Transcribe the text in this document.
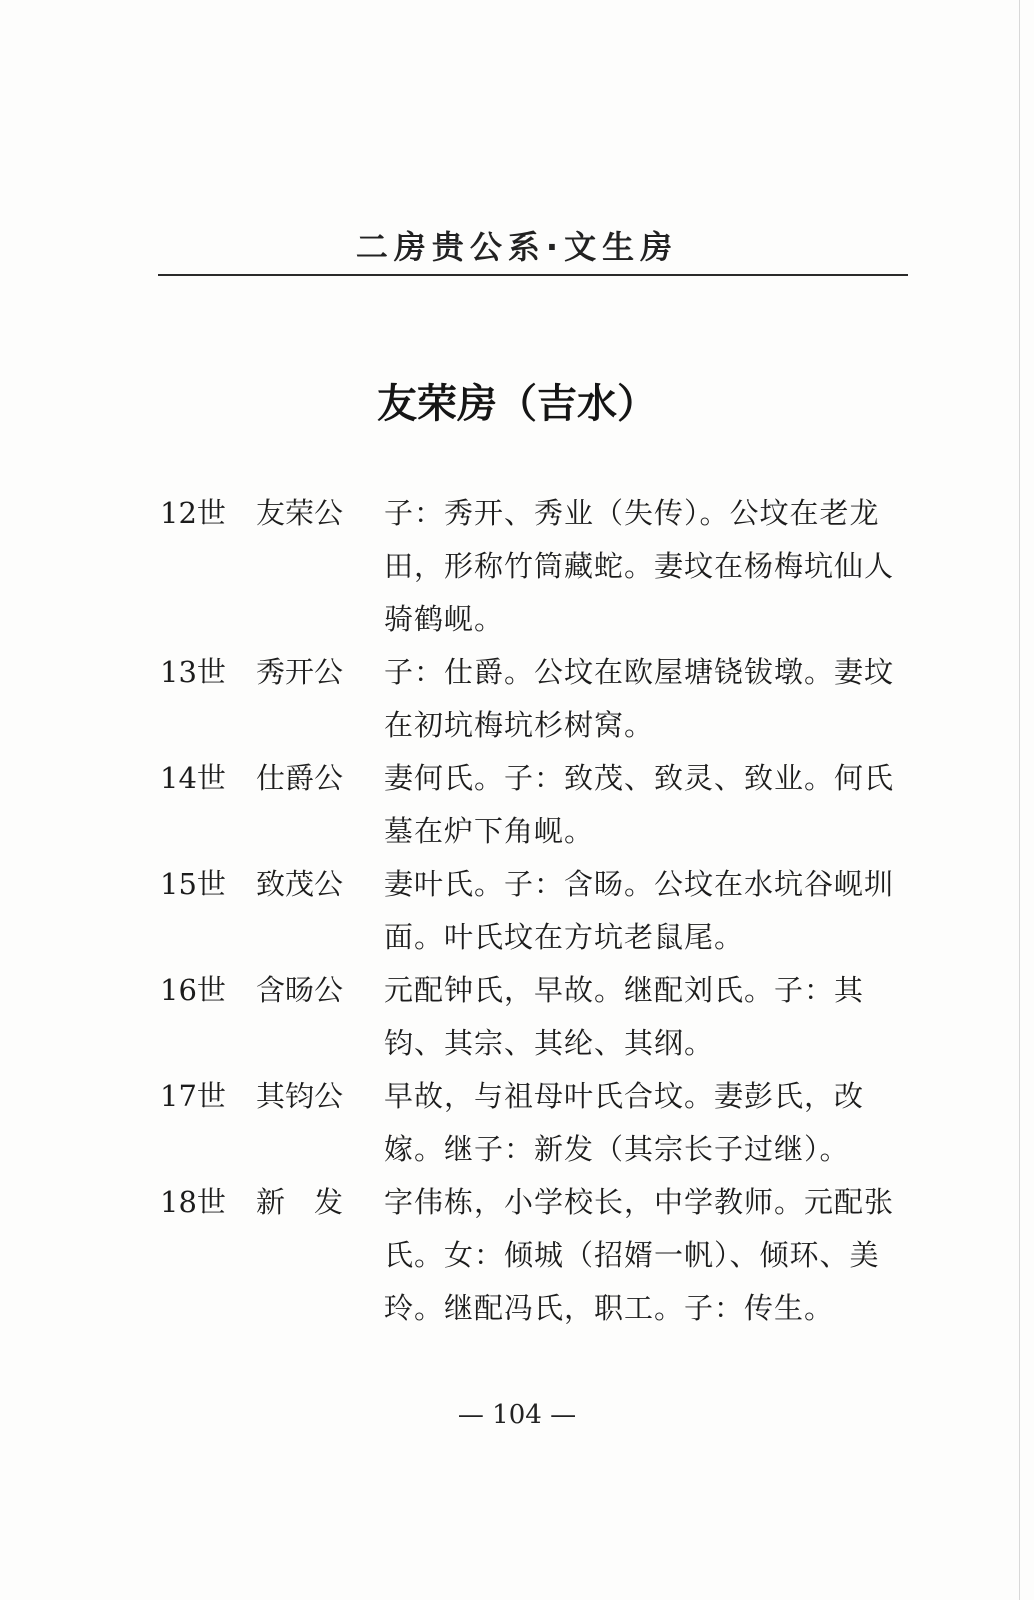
二房贵公系·文生房
友荣房（吉水）
12世	友荣公	子：秀开、秀业（失传）。公坟在老龙田，形称竹筒藏蛇。妻坟在杨梅坑仙人骑鹤岘。
13世	秀开公	子：仕爵。公坟在欧屋塘铙钹墩。妻坟在初坑梅坑杉树窝。
14世	仕爵公	妻何氏。子：致茂、致灵、致业。何氏墓在炉下角岘。
15世	致茂公	妻叶氏。子：含旸。公坟在水坑谷岘圳面。叶氏坟在方坑老鼠尾。
16世	含旸公	元配钟氏，早故。继配刘氏。子：其钧、其宗、其纶、其纲。
17世	其钧公	早故，与祖母叶氏合坟。妻彭氏，改嫁。继子：新发（其宗长子过继）。
18世	新　发	字伟栋，小学校长，中学教师。元配张氏。女：倾城（招婿一帆）、倾环、美玲。继配冯氏，职工。子：传生。
— 104 —
